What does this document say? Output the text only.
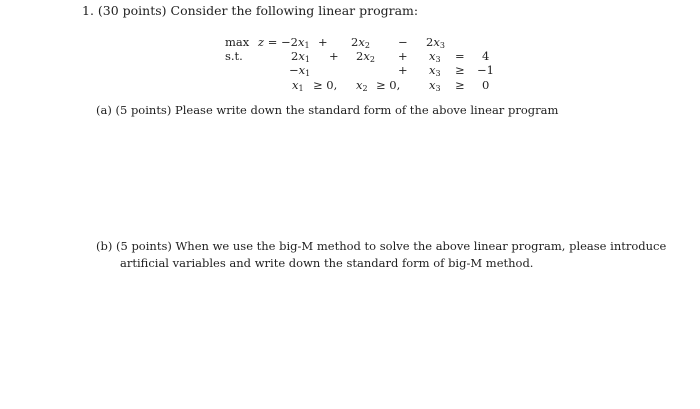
1. (30 points) Consider the following linear program:
$\max z = -2x_1 + 2x_2 - 2x_3$
s.t.	$2x_1 + 2x_2 + x_3 = 4$
$-x_1$	+ $x_3 \ge -1$
$x_1 \ge 0$, $x_2 \ge 0$, $x_3 \ge 0$
(a) (5 points) Please write down the standard form of the above linear program
(b) (5 points) When we use the big-M method to solve the above linear program, please introduce
artificial variables and write down the standard form of big-M method.
